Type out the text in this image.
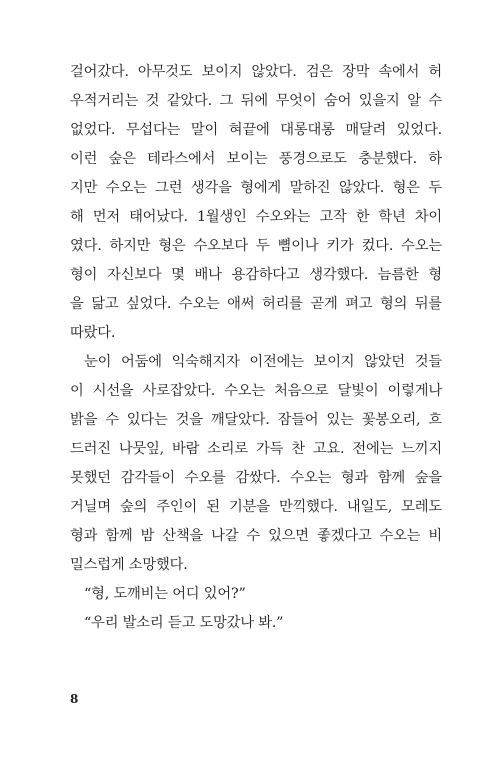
걸어갔다. 아무것도 보이지 않았다. 검은 장막 속에서 허
우적거리는 것 같았다. 그 뒤에 무엇이 숨어 있을지 알 수
없었다. 무섭다는 말이 혀끝에 대롱대롱 매달려 있었다.
이런 숲은 테라스에서 보이는 풍경으로도 충분했다. 하
지만 수오는 그런 생각을 형에게 말하진 않았다. 형은 두
해 먼저 태어났다. 1월생인 수오와는 고작 한 학년 차이
였다. 하지만 형은 수오보다 두 뼘이나 키가 컸다. 수오는
형이 자신보다 몇 배나 용감하다고 생각했다. 늠름한 형
을 닮고 싶었다. 수오는 애써 허리를 곧게 펴고 형의 뒤를
따랐다.
눈이 어둠에 익숙해지자 이전에는 보이지 않았던 것들
이 시선을 사로잡았다. 수오는 처음으로 달빛이 이렇게나
밝을 수 있다는 것을 깨달았다. 잠들어 있는 꽃봉오리, 흐
드러진 나뭇잎, 바람 소리로 가득 찬 고요. 전에는 느끼지
못했던 감각들이 수오를 감쌌다. 수오는 형과 함께 숲을
거닐며 숲의 주인이 된 기분을 만끽했다. 내일도, 모레도
형과 함께 밤 산책을 나갈 수 있으면 좋겠다고 수오는 비
밀스럽게 소망했다.
“형, 도깨비는 어디 있어?”
“우리 발소리 듣고 도망갔나 봐.”
8
